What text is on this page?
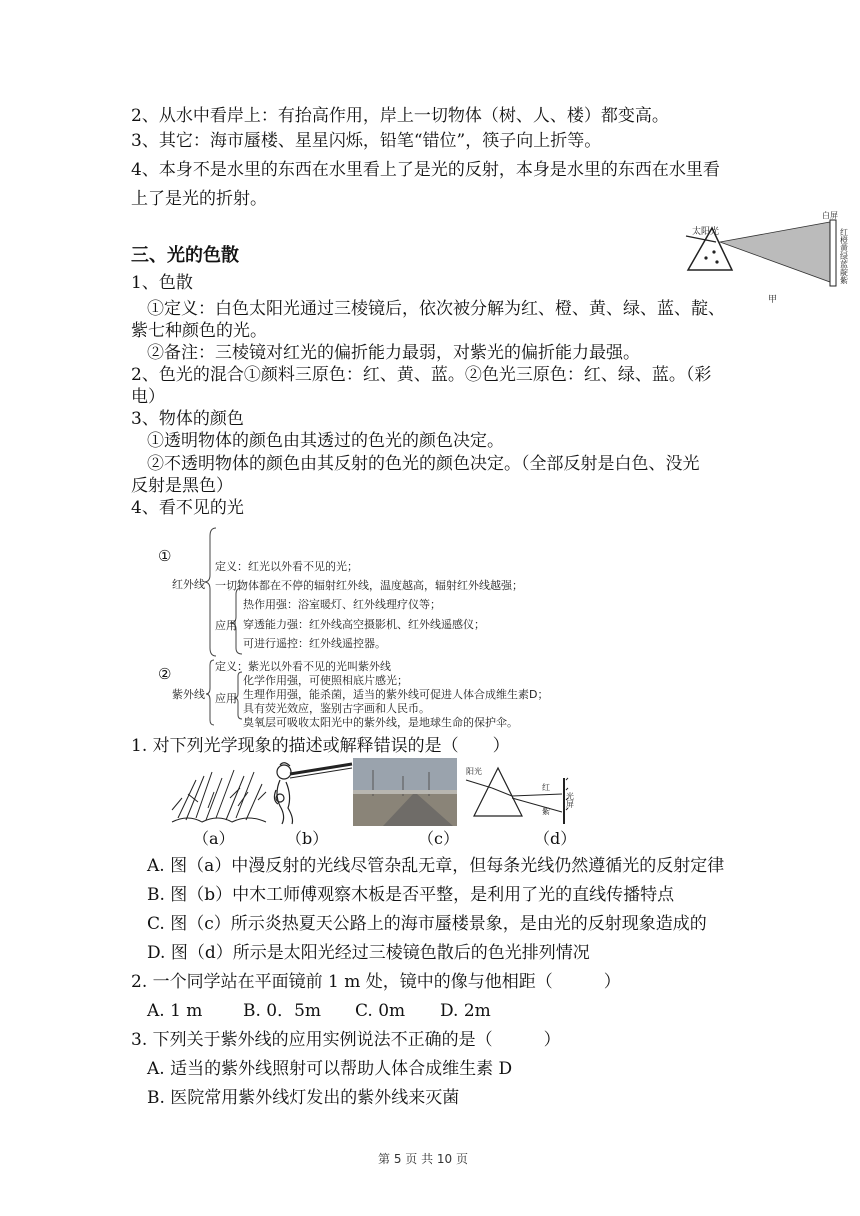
2、从水中看岸上：有抬高作用，岸上一切物体（树、人、楼）都变高。
3、其它：海市蜃楼、星星闪烁，铅笔“错位”，筷子向上折等。
4、本身不是水里的东西在水里看上了是光的反射，本身是水里的东西在水里看
上了是光的折射。
太阳光
白屏
红橙黄绿蓝靛紫
甲
三、光的色散
1、色散
①定义：白色太阳光通过三棱镜后，依次被分解为红、橙、黄、绿、蓝、靛、
紫七种颜色的光。
②备注：三棱镜对红光的偏折能力最弱，对紫光的偏折能力最强。
2、色光的混合①颜料三原色：红、黄、蓝。②色光三原色：红、绿、蓝。（彩
电）
3、物体的颜色
①透明物体的颜色由其透过的色光的颜色决定。
②不透明物体的颜色由其反射的色光的颜色决定。（全部反射是白色、没光
反射是黑色）
4、看不见的光
①
红外线
定义：红光以外看不见的光；
一切物体都在不停的辐射红外线，温度越高，辐射红外线越强；
应用
热作用强：浴室暖灯、红外线理疗仪等；
穿透能力强：红外线高空摄影机、红外线遥感仪；
可进行遥控：红外线遥控器。
②
紫外线
定义：紫光以外看不见的光叫紫外线
应用
化学作用强，可使照相底片感光；
生理作用强，能杀菌，适当的紫外线可促进人体合成维生素D；
具有荧光效应，鉴别古字画和人民币。
臭氧层可吸收太阳光中的紫外线，是地球生命的保护伞。
1. 对下列光学现象的描述或解释错误的是（　　）
阳光
红
紫
光屏
（a）	（b）	（c）	（d）
A. 图（a）中漫反射的光线尽管杂乱无章，但每条光线仍然遵循光的反射定律
B. 图（b）中木工师傅观察木板是否平整，是利用了光的直线传播特点
C. 图（c）所示炎热夏天公路上的海市蜃楼景象，是由光的反射现象造成的
D. 图（d）所示是太阳光经过三棱镜色散后的色光排列情况
2. 一个同学站在平面镜前 1 m 处，镜中的像与他相距（　　　）
A. 1 m B. 0．5m C. 0m D. 2m
3. 下列关于紫外线的应用实例说法不正确的是（　　　）
A. 适当的紫外线照射可以帮助人体合成维生素 D
B. 医院常用紫外线灯发出的紫外线来灭菌
第 5 页 共 10 页
